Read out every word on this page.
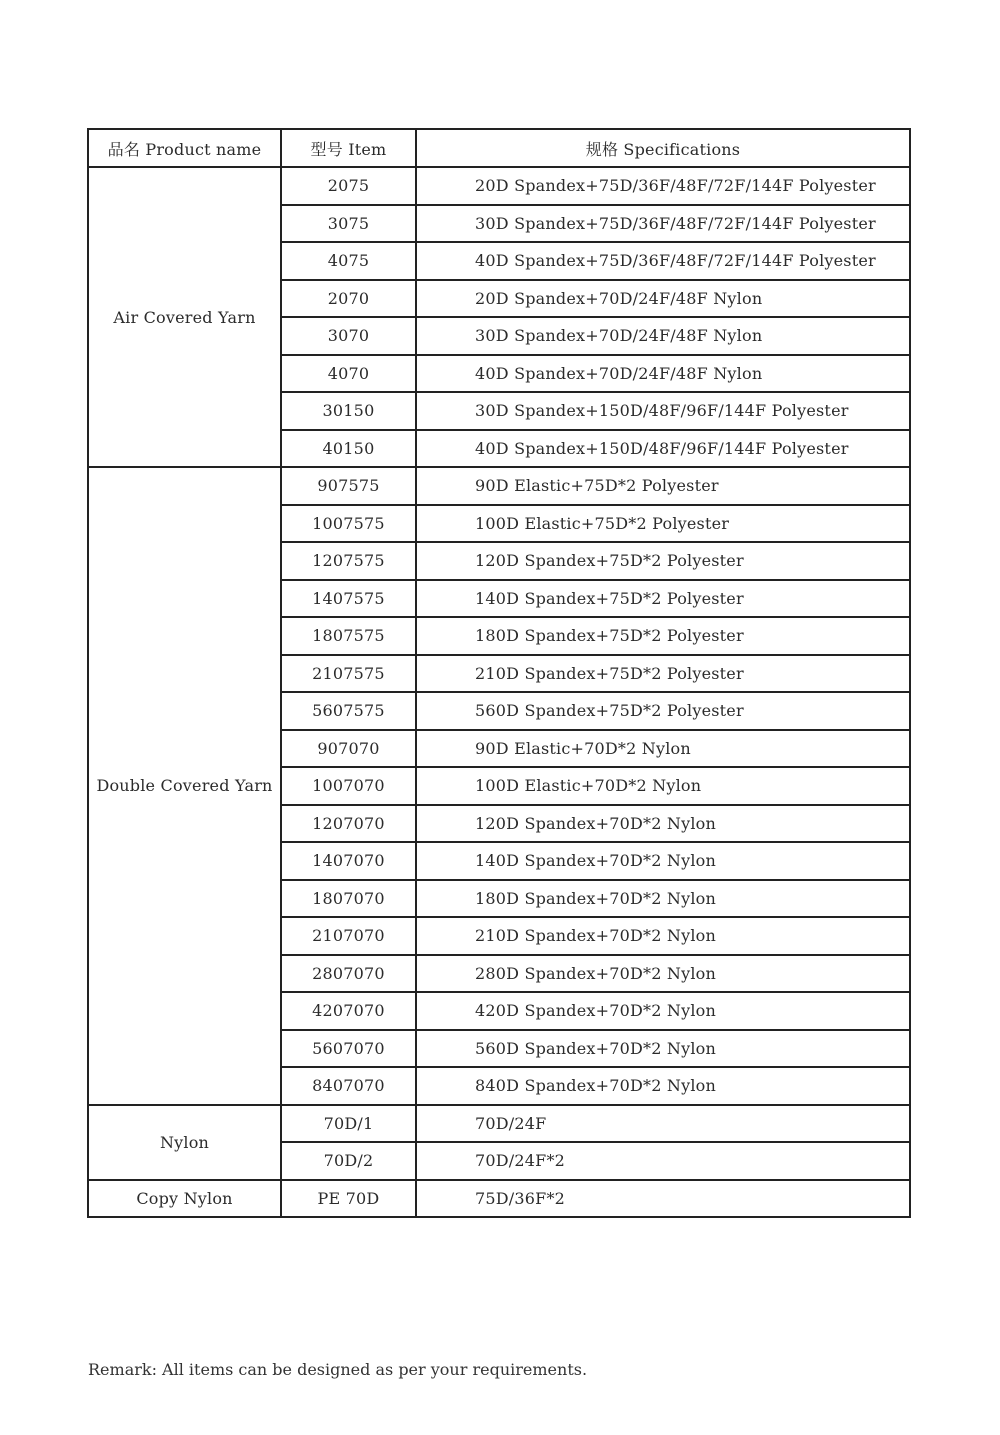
品名 Product name	型号 Item	规格 Specifications
Air Covered Yarn	2075	20D Spandex+75D/36F/48F/72F/144F Polyester
	3075	30D Spandex+75D/36F/48F/72F/144F Polyester
	4075	40D Spandex+75D/36F/48F/72F/144F Polyester
	2070	20D Spandex+70D/24F/48F Nylon
	3070	30D Spandex+70D/24F/48F Nylon
	4070	40D Spandex+70D/24F/48F Nylon
	30150	30D Spandex+150D/48F/96F/144F Polyester
	40150	40D Spandex+150D/48F/96F/144F Polyester
Double Covered Yarn	907575	90D Elastic+75D*2 Polyester
	1007575	100D Elastic+75D*2 Polyester
	1207575	120D Spandex+75D*2 Polyester
	1407575	140D Spandex+75D*2 Polyester
	1807575	180D Spandex+75D*2 Polyester
	2107575	210D Spandex+75D*2 Polyester
	5607575	560D Spandex+75D*2 Polyester
	907070	90D Elastic+70D*2 Nylon
	1007070	100D Elastic+70D*2 Nylon
	1207070	120D Spandex+70D*2 Nylon
	1407070	140D Spandex+70D*2 Nylon
	1807070	180D Spandex+70D*2 Nylon
	2107070	210D Spandex+70D*2 Nylon
	2807070	280D Spandex+70D*2 Nylon
	4207070	420D Spandex+70D*2 Nylon
	5607070	560D Spandex+70D*2 Nylon
	8407070	840D Spandex+70D*2 Nylon
Nylon	70D/1	70D/24F
	70D/2	70D/24F*2
Copy Nylon	PE 70D	75D/36F*2
Remark: All items can be designed as per your requirements.
